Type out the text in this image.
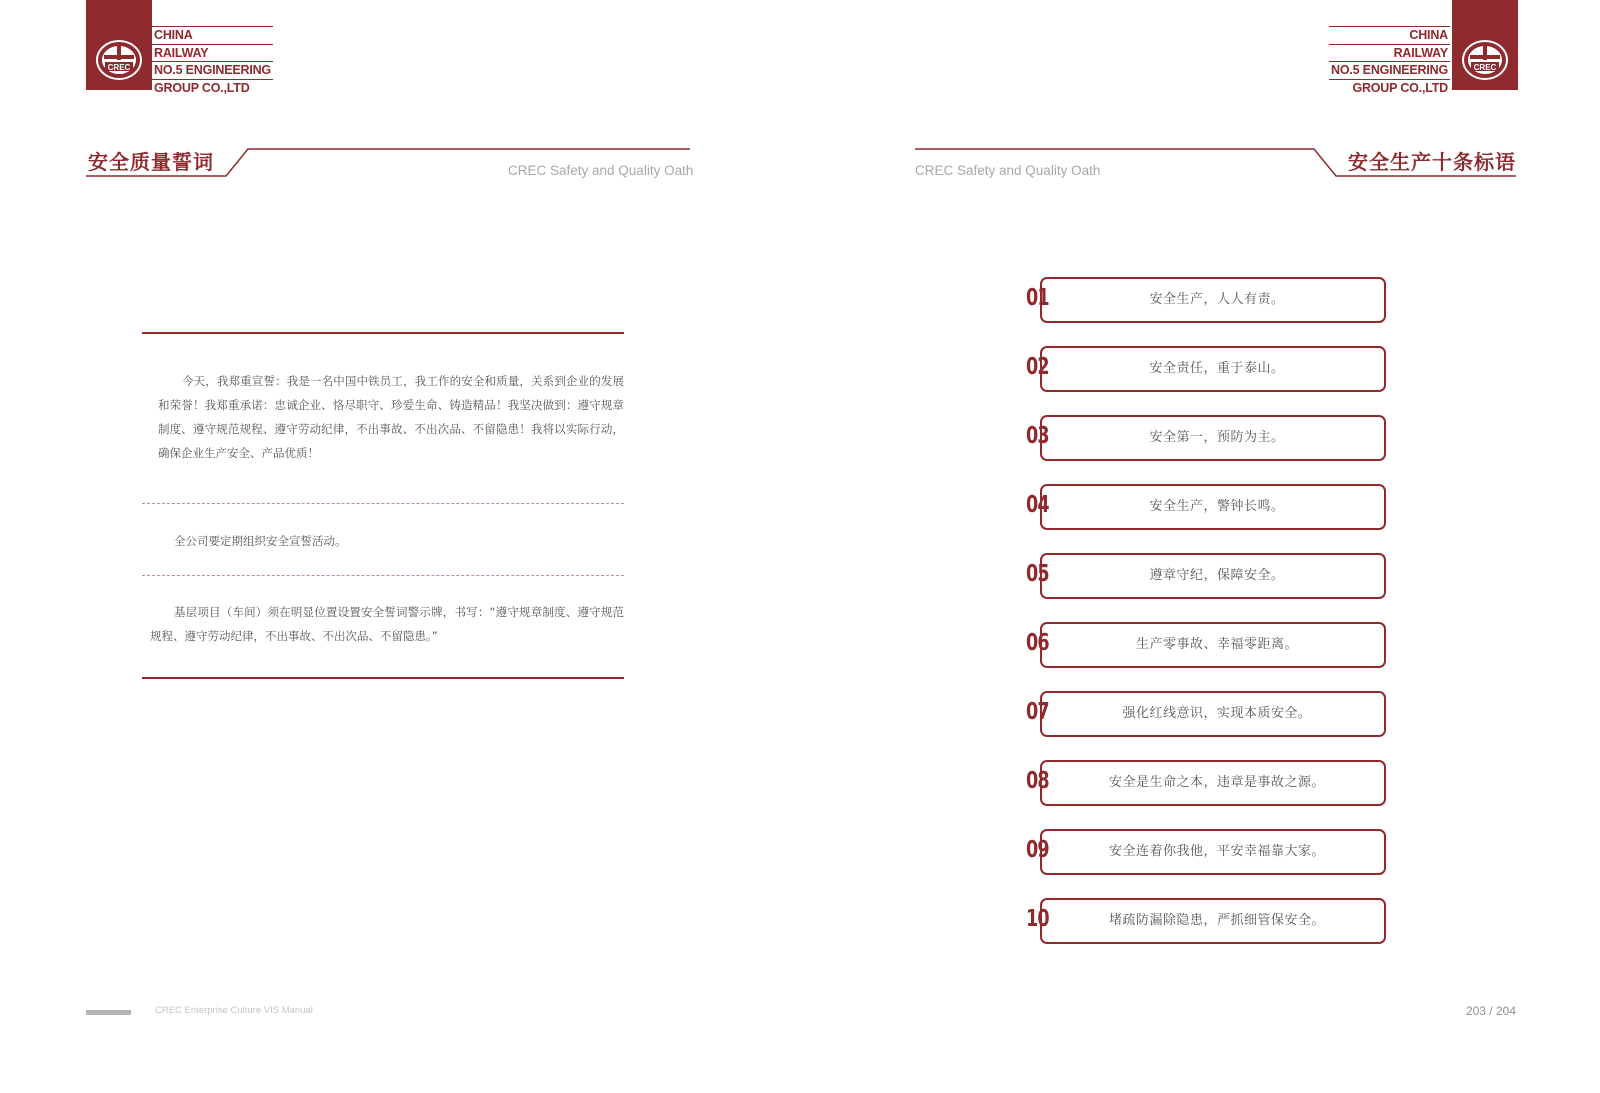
CREC
CHINA
RAILWAY
NO.5 ENGINEERING
GROUP CO.,LTD
CREC
CHINA
RAILWAY
NO.5 ENGINEERING
GROUP CO.,LTD
安全质量誓词	CREC Safety and Quality Oath	安全生产十条标语
CREC Safety and Quality Oath
今天，我郑重宣誓：我是一名中国中铁员工，我工作的安全和质量，关系到企业的发展和荣誉！我郑重承诺：忠诚企业、恪尽职守、珍爱生命、铸造精品！我坚决做到：遵守规章制度、遵守规范规程、遵守劳动纪律，不出事故、不出次品、不留隐患！我将以实际行动，确保企业生产安全、产品优质！
全公司要定期组织安全宣誓活动。
基层项目（车间）须在明显位置设置安全誓词警示牌，书写：“遵守规章制度、遵守规范规程、遵守劳动纪律，不出事故、不出次品、不留隐患。”
01	安全生产，人人有责。
02	安全责任，重于泰山。
03	安全第一，预防为主。
04	安全生产，警钟长鸣。
05	遵章守纪，保障安全。
06	生产零事故、幸福零距离。
07	强化红线意识，实现本质安全。
08	安全是生命之本，违章是事故之源。
09	安全连着你我他，平安幸福靠大家。
10	堵疏防漏除隐患，严抓细管保安全。
CREC Enterprise Culture VIS Manual	203 / 204
